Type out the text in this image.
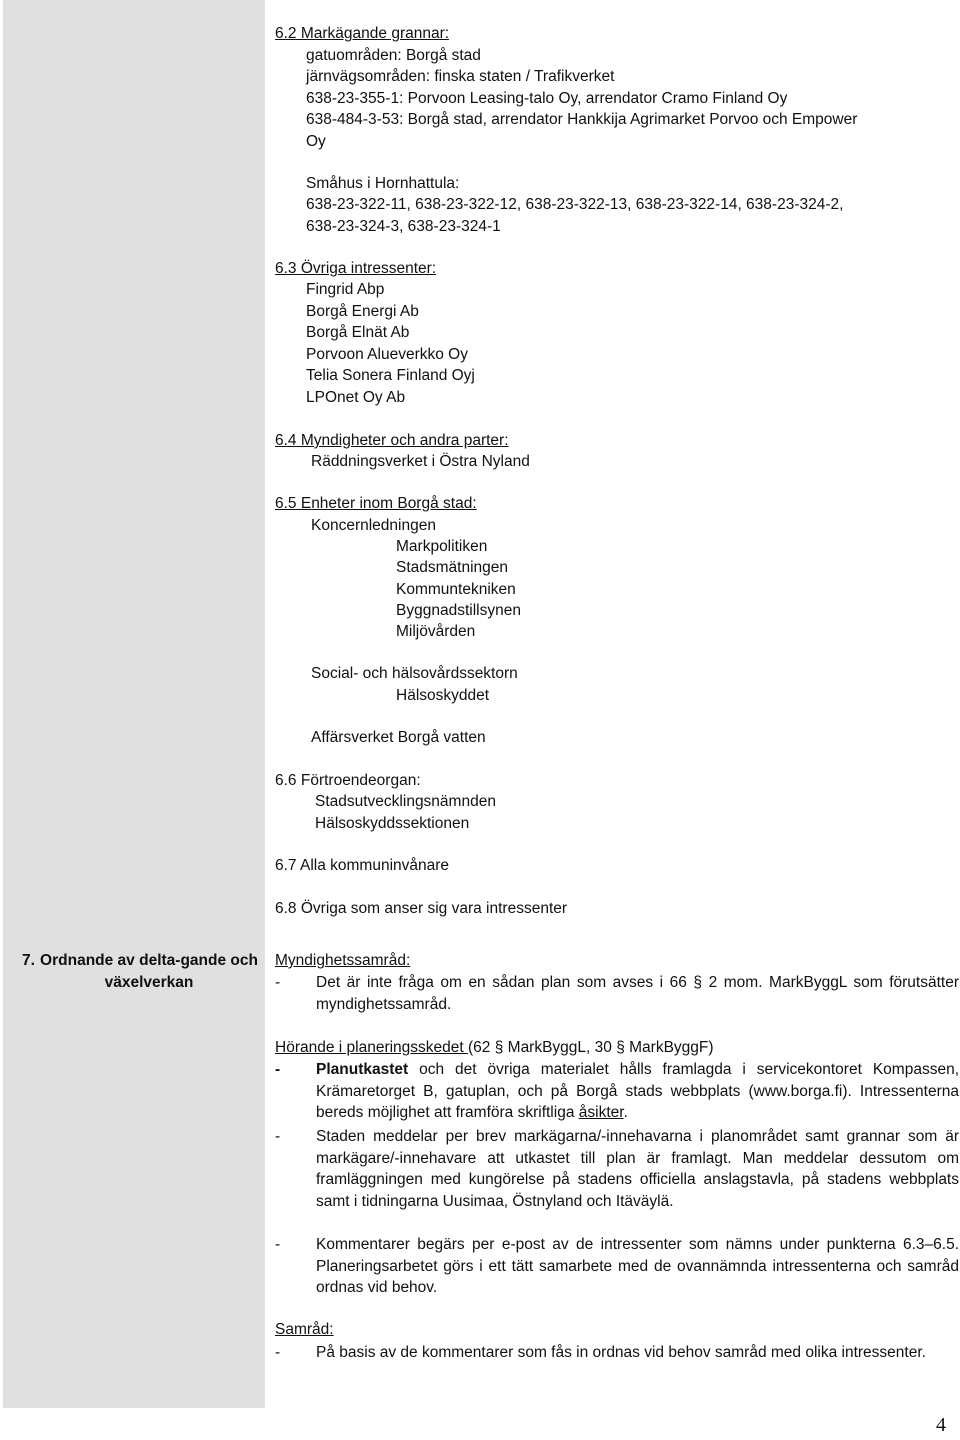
6.2 Markägande grannar:
gatuområden: Borgå stad
järnvägsområden: finska staten / Trafikverket
638-23-355-1: Porvoon Leasing-talo Oy, arrendator Cramo Finland Oy
638-484-3-53: Borgå stad, arrendator Hankkija Agrimarket Porvoo och Empower
Oy
Småhus i Hornhattula:
638-23-322-11, 638-23-322-12, 638-23-322-13, 638-23-322-14, 638-23-324-2,
638-23-324-3, 638-23-324-1
6.3 Övriga intressenter:
Fingrid Abp
Borgå Energi Ab
Borgå Elnät Ab
Porvoon Alueverkko Oy
Telia Sonera Finland Oyj
LPOnet Oy Ab
6.4 Myndigheter och andra parter:
Räddningsverket i Östra Nyland
6.5 Enheter inom Borgå stad:
Koncernledningen
Markpolitiken
Stadsmätningen
Kommuntekniken
Byggnadstillsynen
Miljövården
Social- och hälsovårdssektorn
Hälsoskyddet
Affärsverket Borgå vatten
6.6 Förtroendeorgan:
Stadsutvecklingsnämnden
Hälsoskyddssektionen
6.7 Alla kommuninvånare
6.8 Övriga som anser sig vara intressenter
7. Ordnande av delta-gande och växelverkan
Myndighetssamråd:
- Det är inte fråga om en sådan plan som avses i 66 § 2 mom. MarkByggL som förutsätter myndighetssamråd.
Hörande i planeringsskedet (62 § MarkByggL, 30 § MarkByggF)
- Planutkastet och det övriga materialet hålls framlagda i servicekontoret Kompassen, Krämaretorget B, gatuplan, och på Borgå stads webbplats (www.borga.fi). Intressenterna bereds möjlighet att framföra skriftliga åsikter.
- Staden meddelar per brev markägarna/-innehavarna i planområdet samt grannar som är markägare/-innehavare att utkastet till plan är framlagt. Man meddelar dessutom om framläggningen med kungörelse på stadens officiella anslagstavla, på stadens webbplats samt i tidningarna Uusimaa, Östnyland och Itäväylä.
- Kommentarer begärs per e-post av de intressenter som nämns under punkterna 6.3–6.5. Planeringsarbetet görs i ett tätt samarbete med de ovannämnda intressenterna och samråd ordnas vid behov.
Samråd:
- På basis av de kommentarer som fås in ordnas vid behov samråd med olika intressenter.
4
